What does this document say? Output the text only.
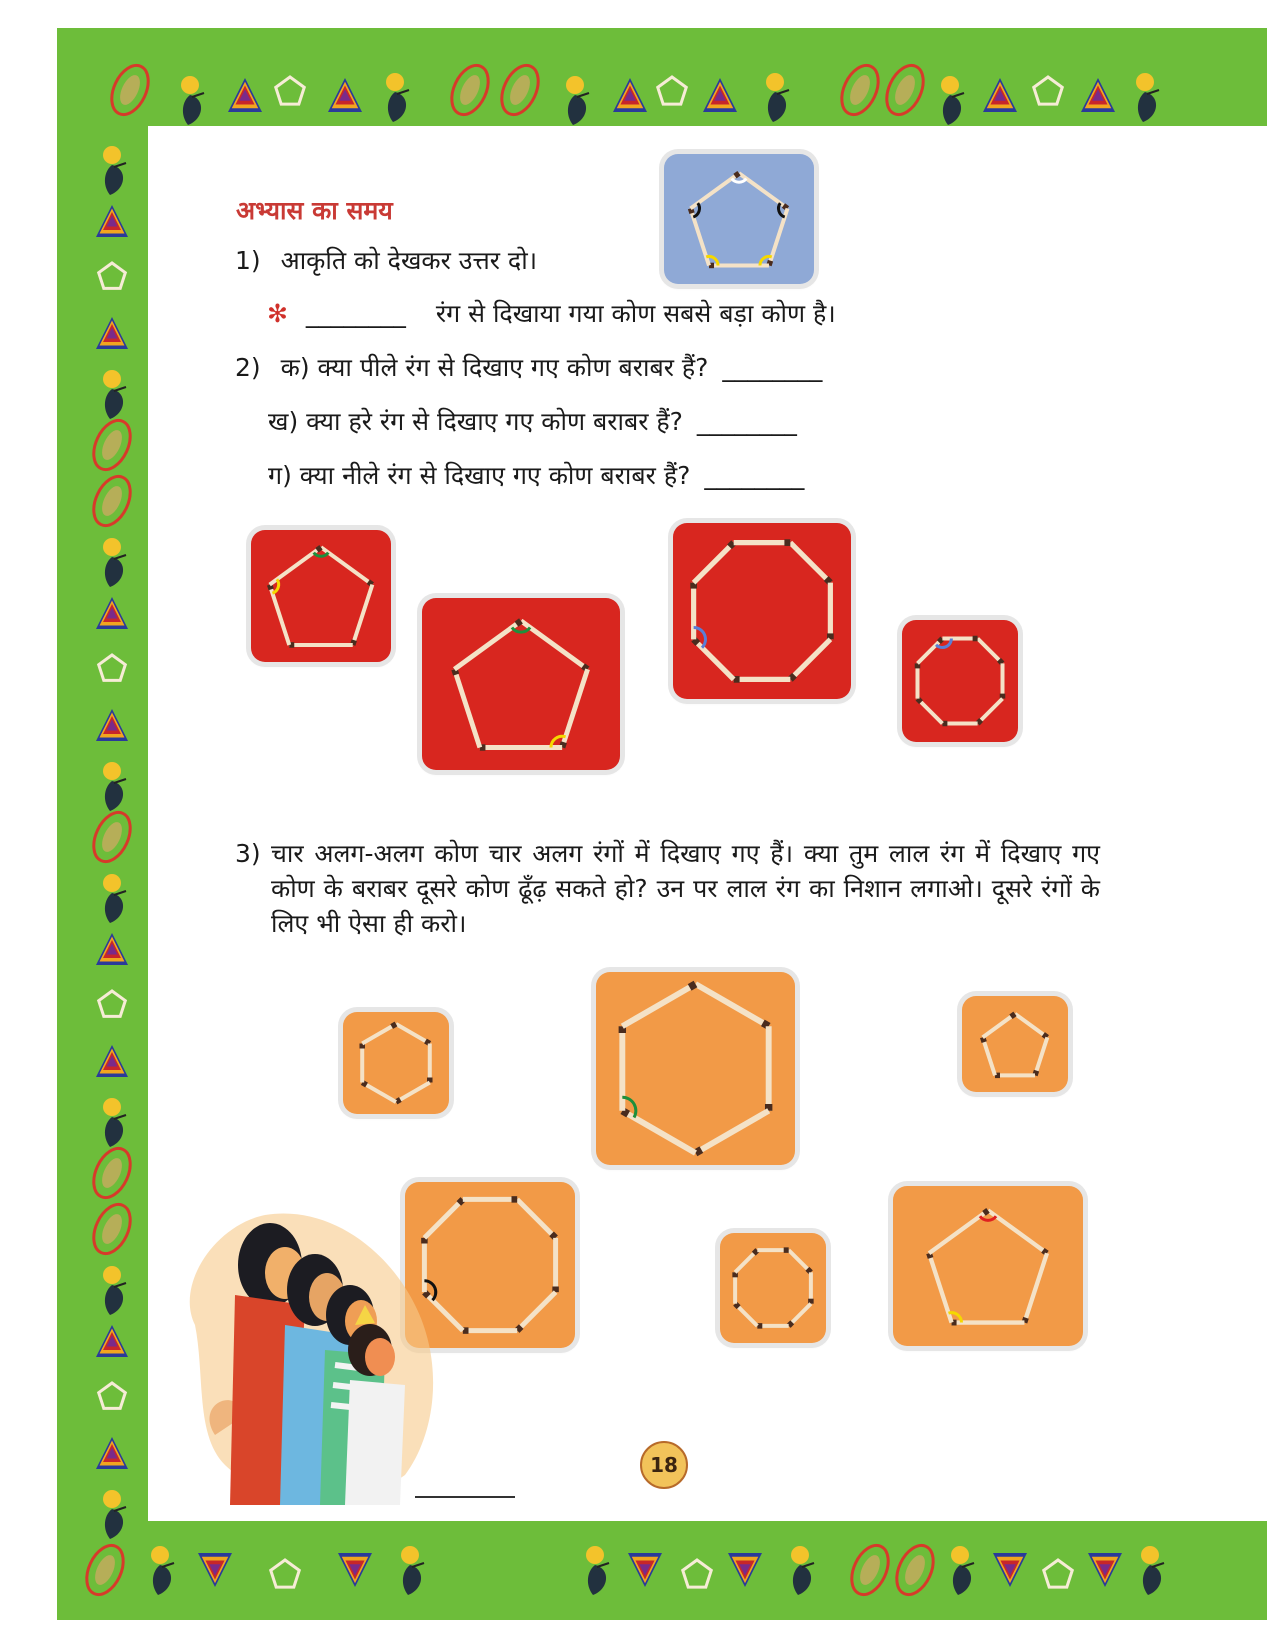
अभ्यास का समय

1) आकृति को देखकर उत्तर दो।

✻ ________ रंग से दिखाया गया कोण सबसे बड़ा कोण है।

2) क) क्या पीले रंग से दिखाए गए कोण बराबर हैं? ________

ख) क्या हरे रंग से दिखाए गए कोण बराबर हैं? ________

ग) क्या नीले रंग से दिखाए गए कोण बराबर हैं? ________

3) चार अलग-अलग कोण चार अलग रंगों में दिखाए गए हैं। क्या तुम लाल रंग में दिखाए गए कोण के बराबर दूसरे कोण ढूँढ़ सकते हो? उन पर लाल रंग का निशान लगाओ। दूसरे रंगों के लिए भी ऐसा ही करो।

18
